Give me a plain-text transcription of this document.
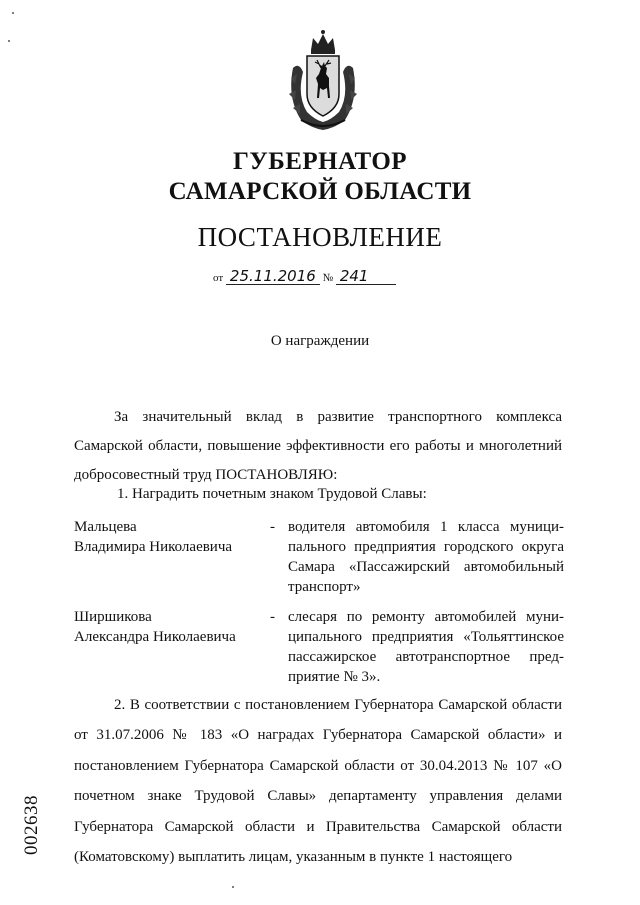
ГУБЕРНАТОР
САМАРСКОЙ ОБЛАСТИ
ПОСТАНОВЛЕНИЕ
от 25.11.2016 № 241
О награждении
За значительный вклад в развитие транспортного комплекса Самарской области, повышение эффективности его работы и многолетний добросовестный труд ПОСТАНОВЛЯЮ:
1. Наградить почетным знаком Трудовой Славы:
Мальцева
Владимира Николаевича
- водителя автомобиля 1 класса муници-пального предприятия городского округа Самара «Пассажирский автомобильный транспорт»
Ширшикова
Александра Николаевича
- слесаря по ремонту автомобилей муни-ципального предприятия «Тольяттинское пассажирское автотранспортное пред-приятие № 3».
2. В соответствии с постановлением Губернатора Самарской области от 31.07.2006 № 183 «О наградах Губернатора Самарской области» и постановлением Губернатора Самарской области от 30.04.2013 № 107 «О почетном знаке Трудовой Славы» департаменту управления делами Губернатора Самарской области и Правительства Самарской области (Коматовскому) выплатить лицам, указанным в пункте 1 настоящего
002638
